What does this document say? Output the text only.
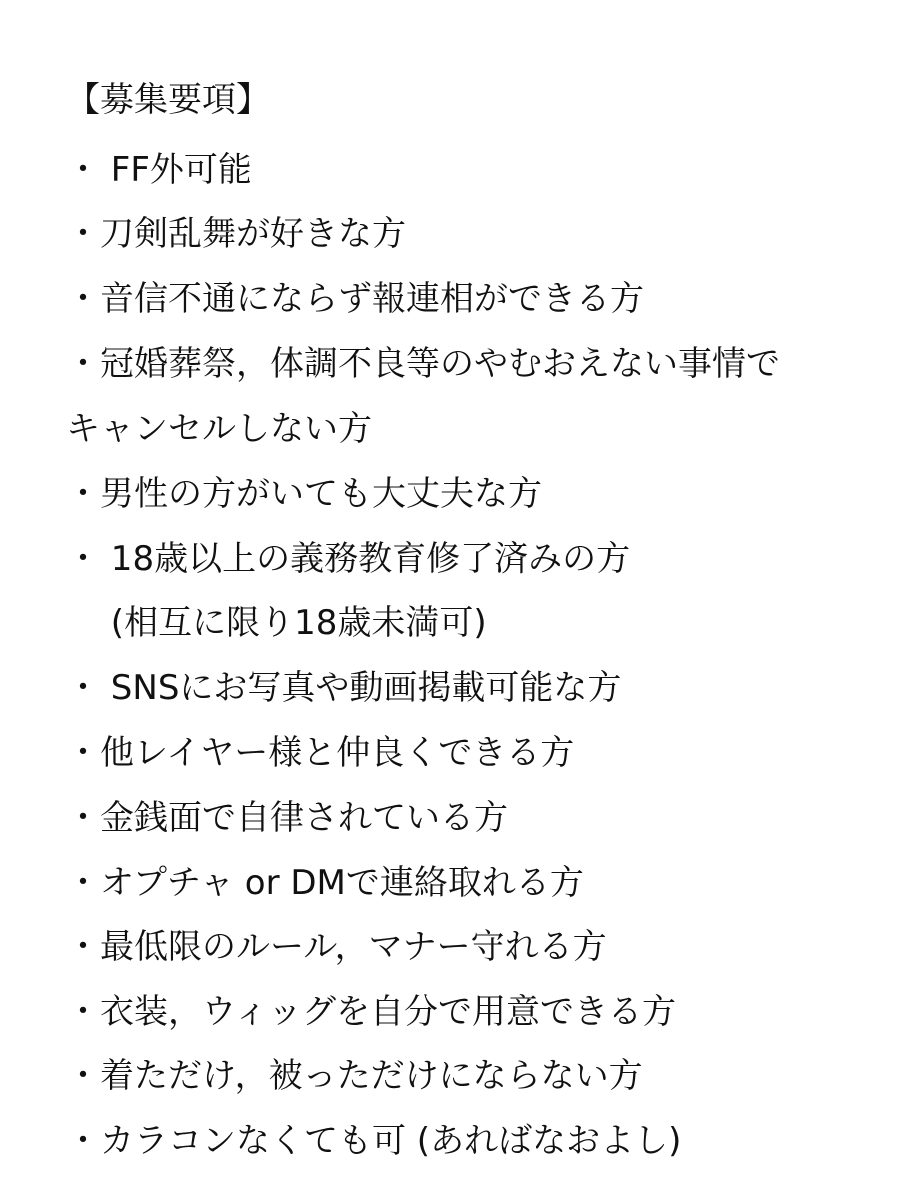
【募集要項】
・ FF外可能
・刀剣乱舞が好きな方
・音信不通にならず報連相ができる方
・冠婚葬祭，体調不良等のやむおえない事情で
キャンセルしない方
・男性の方がいても大丈夫な方
・ 18歳以上の義務教育修了済みの方
　 (相互に限り18歳未満可)
・ SNSにお写真や動画掲載可能な方
・他レイヤー様と仲良くできる方
・金銭面で自律されている方
・オプチャ or DMで連絡取れる方
・最低限のルール，マナー守れる方
・衣装，ウィッグを自分で用意できる方
・着ただけ，被っただけにならない方
・カラコンなくても可 (あればなおよし)
